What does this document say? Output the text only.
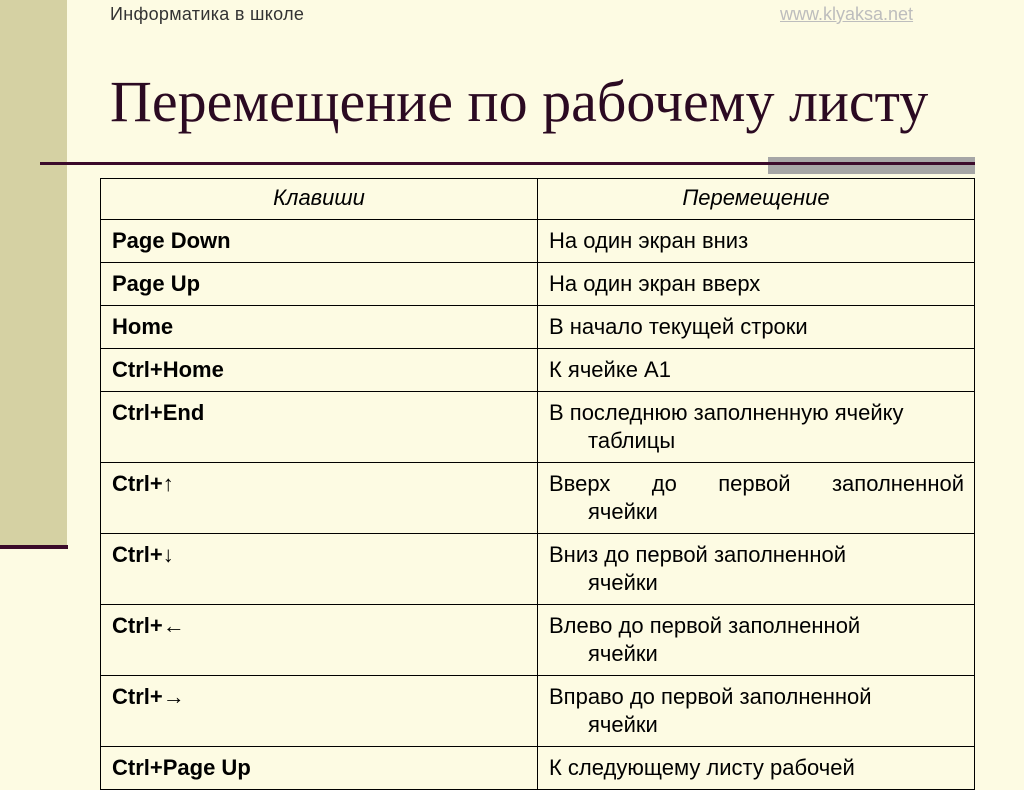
Информатика в школе	www.klyaksa.net
Перемещение по рабочему листу
Клавиши	Перемещение
Page Down	На один экран вниз

Page Up	На один экран вверх

Home	В начало текущей строки

Ctrl+Home	К ячейке А1

Ctrl+End	В последнюю заполненную ячейку
таблицы

Ctrl+↑	Вверх до первой заполненной
ячейки

Ctrl+↓	Вниз до первой заполненной
ячейки

Ctrl+←	Влево до первой заполненной
ячейки

Ctrl+→	Вправо до первой заполненной
ячейки

Ctrl+Page Up	К следующему листу рабочей
